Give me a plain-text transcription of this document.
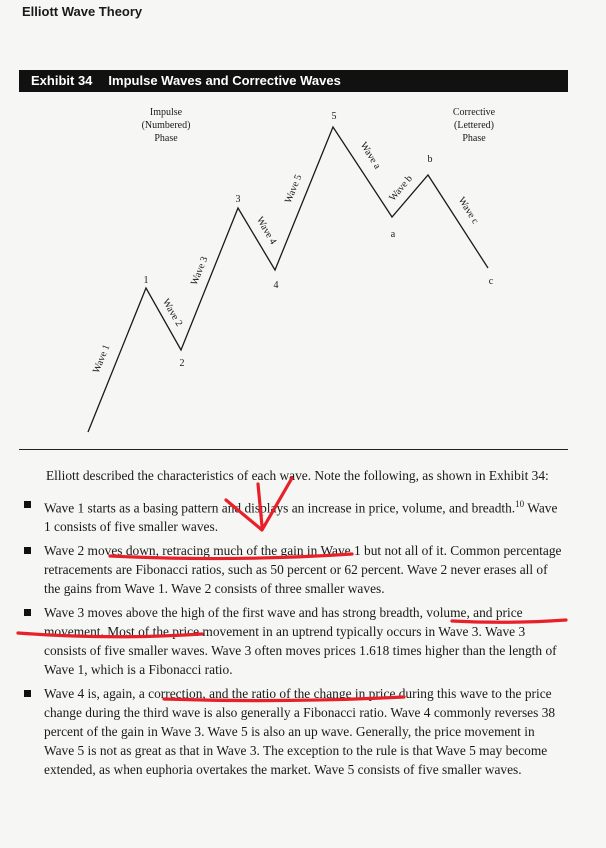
Elliott Wave Theory
Exhibit 34 Impulse Waves and Corrective Waves
Impulse
(Numbered)
Phase
Corrective
(Lettered)
Phase
1
2
3
4
5
a
b
c
Wave 1
Wave 2
Wave 3
Wave 4
Wave 5
Wave a
Wave b
Wave c

Elliott described the characteristics of each wave. Note the following, as shown in Exhibit 34:

Wave 1 starts as a basing pattern and displays an increase in price, volume, and breadth.$^{10}$ Wave 1 consists of five smaller waves.

Wave 2 moves down, retracing much of the gain in Wave 1 but not all of it. Common percentage retracements are Fibonacci ratios, such as 50 percent or 62 percent. Wave 2 never erases all of the gains from Wave 1. Wave 2 consists of three smaller waves.

Wave 3 moves above the high of the first wave and has strong breadth, volume, and price movement. Most of the price movement in an uptrend typically occurs in Wave 3. Wave 3 consists of five smaller waves. Wave 3 often moves prices 1.618 times higher than the length of Wave 1, which is a Fibonacci ratio.

Wave 4 is, again, a correction, and the ratio of the change in price during this wave to the price change during the third wave is also generally a Fibonacci ratio. Wave 4 commonly reverses 38 percent of the gain in Wave 3. Wave 5 is also an up wave. Generally, the price movement in Wave 5 is not as great as that in Wave 3. The exception to the rule is that Wave 5 may become extended, as when euphoria overtakes the market. Wave 5 consists of five smaller waves.
